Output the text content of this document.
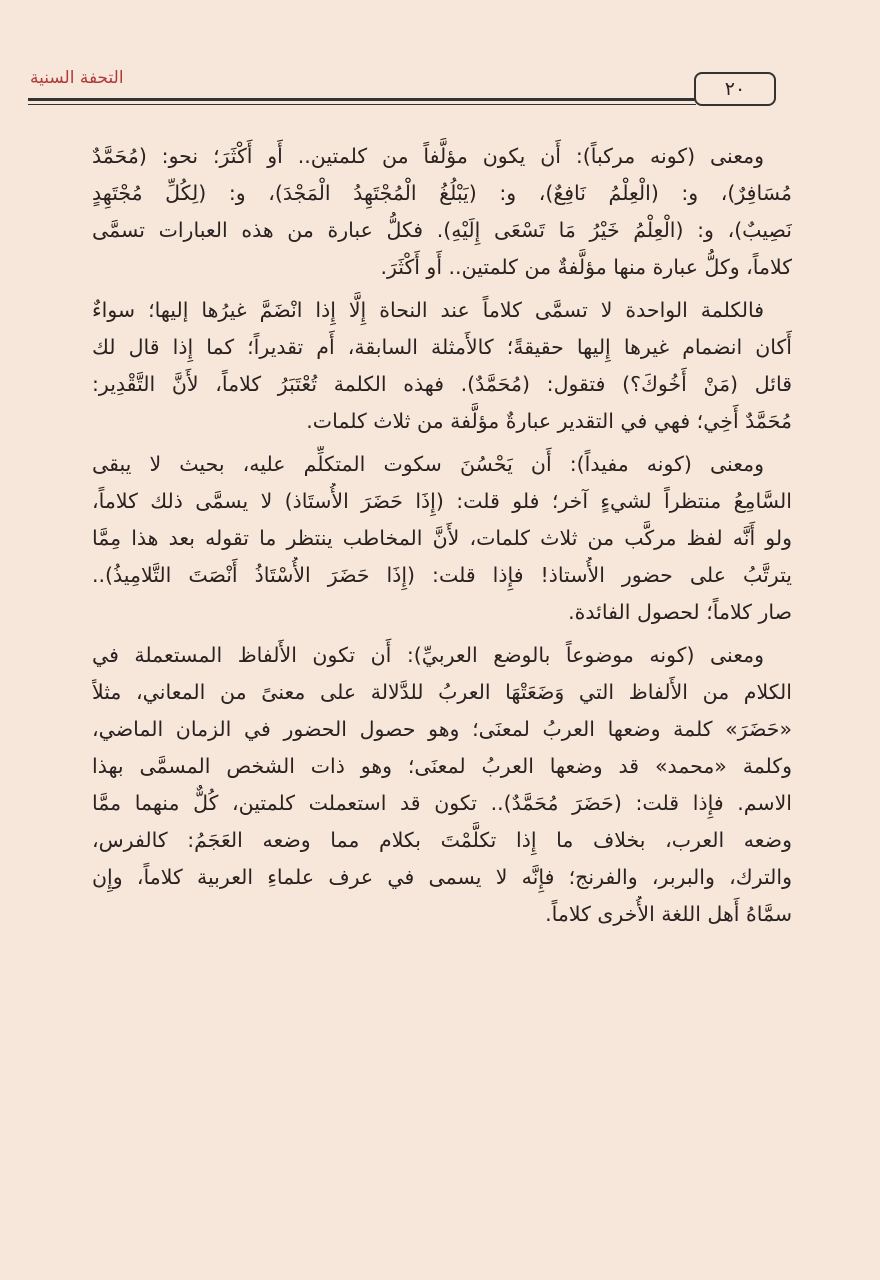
التحفة السنية	٢٠
ومعنى (كونه مركباً): أَن يكون مؤلَّفاً من كلمتين.. أَو أَكْثَرَ؛ نحو: (مُحَمَّدٌ
مُسَافِرٌ)، و: (الْعِلْمُ نَافِعٌ)، و: (يَبْلُغُ الْمُجْتَهِدُ الْمَجْدَ)، و: (لِكُلِّ مُجْتَهِدٍ
نَصِيبٌ)، و: (الْعِلْمُ خَيْرُ مَا تَسْعَى إِلَيْهِ). فكلُّ عبارة من هذه العبارات تسمَّى
كلاماً، وكلُّ عبارة منها مؤلَّفةٌ من كلمتين.. أَو أَكْثَرَ.
فالكلمة الواحدة لا تسمَّى كلاماً عند النحاة إِلَّا إِذا انْضَمَّ غيرُها إليها؛ سواءٌ
أَكان انضمام غيرها إِليها حقيقةً؛ كالأَمثلة السابقة، أَم تقديراً؛ كما إِذا قال لك
قائل (مَنْ أَخُوكَ؟) فتقول: (مُحَمَّدٌ). فهذه الكلمة تُعْتَبَرُ كلاماً، لأَنَّ التَّقْدِير:
مُحَمَّدٌ أَخِي؛ فهي في التقدير عبارةٌ مؤلَّفة من ثلاث كلمات.
ومعنى (كونه مفيداً): أَن يَحْسُنَ سكوت المتكلِّم عليه، بحيث لا يبقى
السَّامِعُ منتظراً لشيءٍ آخر؛ فلو قلت: (إِذَا حَضَرَ الأُستَاذ) لا يسمَّى ذلك كلاماً،
ولو أَنَّه لفظ مركَّب من ثلاث كلمات، لأَنَّ المخاطب ينتظر ما تقوله بعد هذا مِمَّا
يترتَّبُ على حضور الأُستاذ! فإِذا قلت: (إِذَا حَضَرَ الأُسْتَاذُ أَنْصَتَ التَّلامِيذُ)..
صار كلاماً؛ لحصول الفائدة.
ومعنى (كونه موضوعاً بالوضع العربيِّ): أَن تكون الأَلفاظ المستعملة في
الكلام من الأَلفاظ التي وَضَعَتْهَا العربُ للدَّلالة على معنىً من المعاني، مثلاً
«حَضَرَ» كلمة وضعها العربُ لمعنَى؛ وهو حصول الحضور في الزمان الماضي،
وكلمة «محمد» قد وضعها العربُ لمعنَى؛ وهو ذات الشخص المسمَّى بهذا
الاسم. فإِذا قلت: (حَضَرَ مُحَمَّدٌ).. تكون قد استعملت كلمتين، كُلٌّ منهما ممَّا
وضعه العرب، بخلاف ما إِذا تكلَّمْتَ بكلام مما وضعه العَجَمُ: كالفرس،
والترك، والبربر، والفرنج؛ فإِنَّه لا يسمى في عرف علماءِ العربية كلاماً، وإِن
سمَّاهُ أَهل اللغة الأُخرى كلاماً.
